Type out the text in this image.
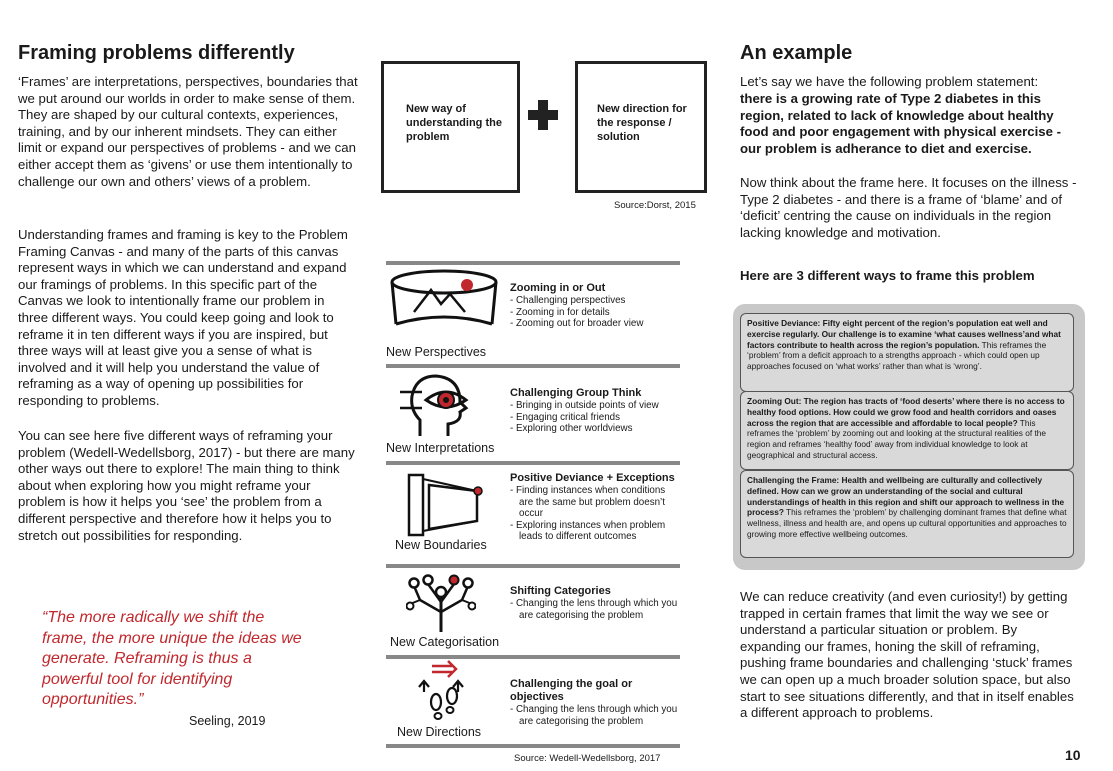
Framing problems differently
‘Frames’ are interpretations, perspectives, boundaries that we put around our worlds in order to make sense of them. They are shaped by our cultural contexts, experiences, training, and by our inherent mindsets. They can either limit or expand our perspectives of problems - and we can either accept them as ‘givens’ or use them intentionally to challenge our own and others’ views of a problem.
Understanding frames and framing is key to the Problem Framing Canvas - and many of the parts of this canvas represent ways in which we can understand and expand our framings of problems. In this specific part of the Canvas we look to intentionally frame our problem in three different ways. You could keep going and look to reframe it in ten different ways if you are inspired, but three ways will at least give you a sense of what is involved and it will help you understand the value of reframing as a way of opening up possibilities for responding to problems.
You can see here five different ways of reframing your problem (Wedell-Wedellsborg, 2017) - but there are many other ways out there to explore! The main thing to think about when exploring how you might reframe your problem is how it helps you ‘see’ the problem from a different perspective and therefore how it helps you to stretch out possibilities for responding.
“The more radically we shift the frame, the more unique the ideas we generate. Reframing is thus a powerful tool for identifying opportunities.”
Seeling, 2019
New way of understanding the problem
New direction for the response / solution
Source:Dorst, 2015
New Perspectives
Zooming in or Out
- Challenging perspectives
- Zooming in for details
- Zooming out for broader view
New Interpretations
Challenging Group Think
- Bringing in outside points of view
- Engaging critical friends
- Exploring other worldviews
New Boundaries
Positive Deviance + Exceptions
- Finding instances when conditions are the same but problem doesn’t occur
- Exploring instances when problem leads to different outcomes
New Categorisation
Shifting Categories
- Changing the lens through which you are categorising the problem
New Directions
Challenging the goal or objectives
- Changing the lens through which you are categorising the problem
Source: Wedell-Wedellsborg, 2017
An example
Let’s say we have the following problem statement:
there is a growing rate of Type 2 diabetes in this region, related to lack of knowledge about healthy food and poor engagement with physical exercise - our problem is adherance to diet and exercise.
Now think about the frame here. It focuses on the illness - Type 2 diabetes - and there is a frame of ‘blame’ and of ‘deficit’ centring the cause on individuals in the region lacking knowledge and motivation.
Here are 3 different ways to frame this problem
Positive Deviance: Fifty eight percent of the region’s population eat well and exercise regularly. Our challenge is to examine ‘what causes wellness’and what factors contribute to health across the region’s population. This reframes the ‘problem’ from a deficit approach to a strengths approach - which could open up approaches focused on ‘what works’ rather than what is ‘wrong’.
Zooming Out: The region has tracts of ‘food deserts’ where there is no access to healthy food options. How could we grow food and health corridors and oases across the region that are accessible and affordable to local people? This reframes the ‘problem’ by zooming out and looking at the structural realities of the region and reframes ‘healthy food’ away from individual knowledge to look at geographical and structural access.
Challenging the Frame: Health and wellbeing are culturally and collectively defined. How can we grow an understanding of the social and cultural understandings of health in this region and shift our approach to wellness in the process? This reframes the ‘problem’ by challenging dominant frames that define what wellness, illness and health are, and opens up cultural opportunities and approaches to growing more effective wellbeing outcomes.
We can reduce creativity (and even curiosity!) by getting trapped in certain frames that limit the way we see or understand a particular situation or problem. By expanding our frames, honing the skill of reframing, pushing frame boundaries and challenging ‘stuck’ frames we can open up a much broader solution space, but also start to see situations differently, and that in itself enables a different approach to problems.
10
